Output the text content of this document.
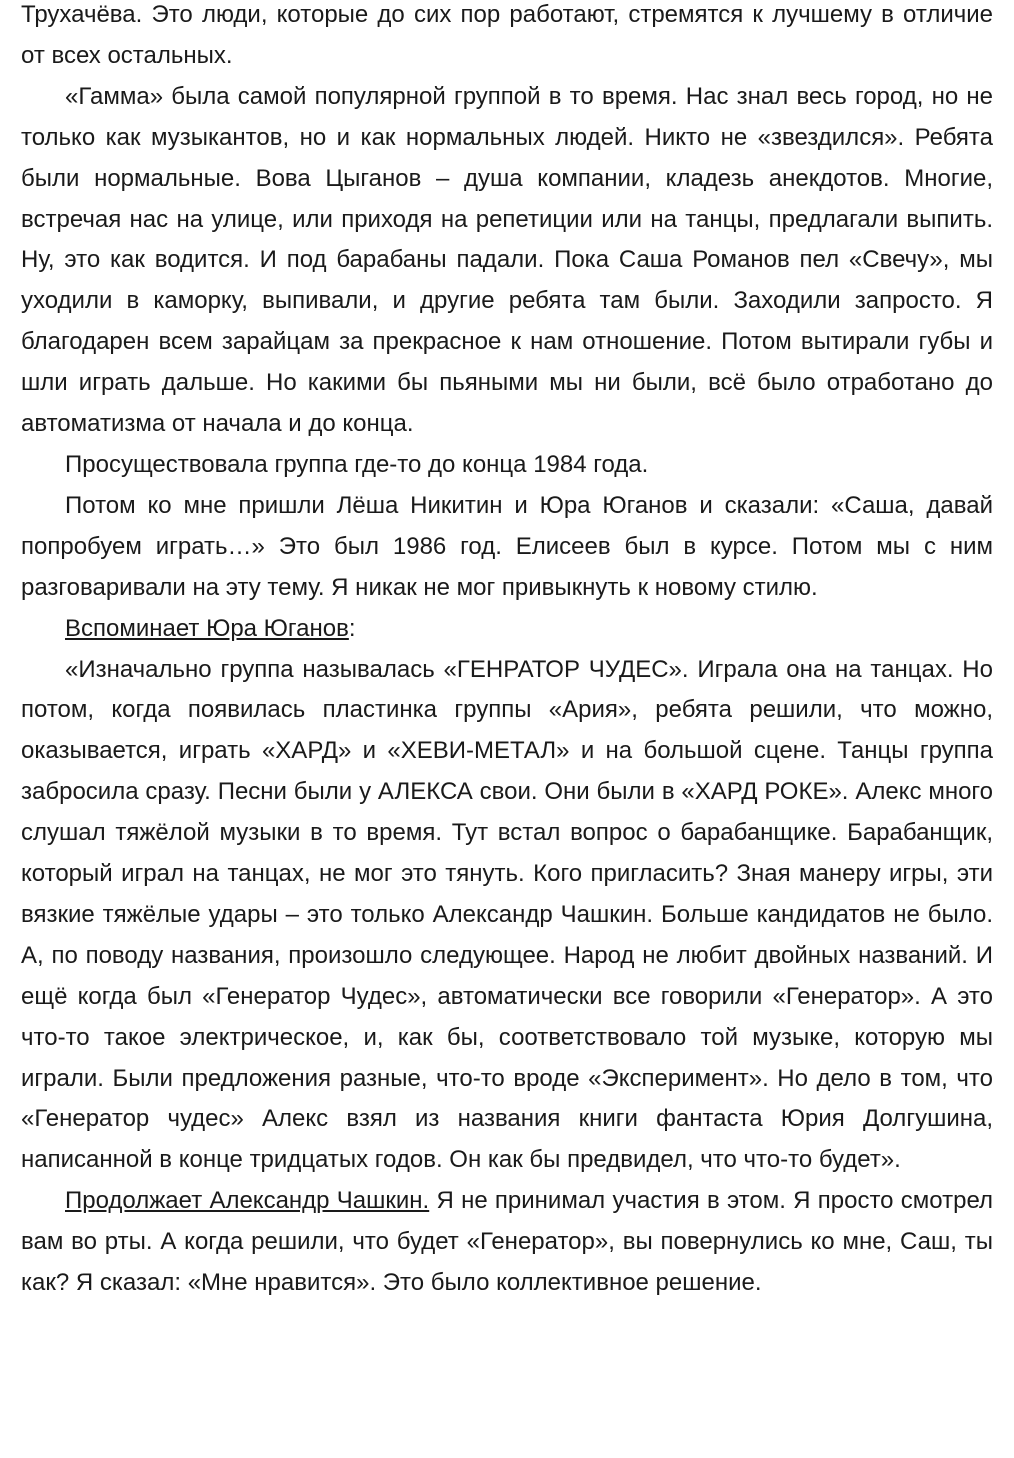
Трухачёва. Это люди, которые до сих пор работают, стремятся к лучшему в отличие от всех остальных.

«Гамма» была самой популярной группой в то время. Нас знал весь город, но не только как музыкантов, но и как нормальных людей. Никто не «звездился». Ребята были нормальные. Вова Цыганов – душа компании, кладезь анекдотов. Многие, встречая нас на улице, или приходя на репетиции или на танцы, предлагали выпить. Ну, это как водится. И под барабаны падали. Пока Саша Романов пел «Свечу», мы уходили в каморку, выпивали, и другие ребята там были. Заходили запросто. Я благодарен всем зарайцам за прекрасное к нам отношение. Потом вытирали губы и шли играть дальше. Но какими бы пьяными мы ни были, всё было отработано до автоматизма от начала и до конца.

Просуществовала группа где-то до конца 1984 года.

Потом ко мне пришли Лёша Никитин и Юра Юганов и сказали: «Саша, давай попробуем играть…» Это был 1986 год. Елисеев был в курсе. Потом мы с ним разговаривали на эту тему. Я никак не мог привыкнуть к новому стилю.

Вспоминает Юра Юганов:

«Изначально группа называлась «ГЕНРАТОР ЧУДЕС». Играла она на танцах. Но потом, когда появилась пластинка группы «Ария», ребята решили, что можно, оказывается, играть «ХАРД» и «ХЕВИ-МЕТАЛ» и на большой сцене. Танцы группа забросила сразу. Песни были у АЛЕКСА свои. Они были в «ХАРД РОКЕ». Алекс много слушал тяжёлой музыки в то время. Тут встал вопрос о барабанщике. Барабанщик, который играл на танцах, не мог это тянуть. Кого пригласить? Зная манеру игры, эти вязкие тяжёлые удары – это только Александр Чашкин. Больше кандидатов не было. А, по поводу названия, произошло следующее. Народ не любит двойных названий. И ещё когда был «Генератор Чудес», автоматически все говорили «Генератор». А это что-то такое электрическое, и, как бы, соответствовало той музыке, которую мы играли. Были предложения разные, что-то вроде «Эксперимент». Но дело в том, что «Генератор чудес» Алекс взял из названия книги фантаста Юрия Долгушина, написанной в конце тридцатых годов. Он как бы предвидел, что что-то будет».

Продолжает Александр Чашкин. Я не принимал участия в этом. Я просто смотрел вам во рты. А когда решили, что будет «Генератор», вы повернулись ко мне, Саш, ты как? Я сказал: «Мне нравится». Это было коллективное решение.
